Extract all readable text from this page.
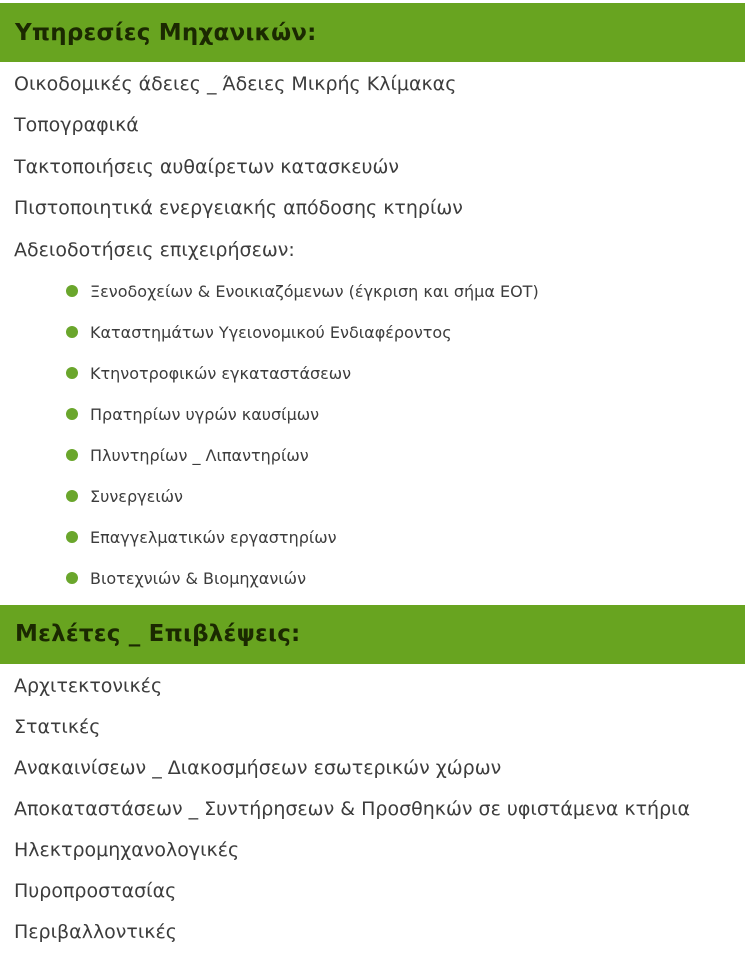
Υπηρεσίες Μηχανικών:
Οικοδομικές άδειες _ Άδειες Μικρής Κλίμακας
Τοπογραφικά
Τακτοποιήσεις αυθαίρετων κατασκευών
Πιστοποιητικά ενεργειακής απόδοσης κτηρίων
Αδειοδοτήσεις επιχειρήσεων:
Ξενοδοχείων & Ενοικιαζόμενων (έγκριση και σήμα ΕΟΤ)
Καταστημάτων Υγειονομικού Ενδιαφέροντος
Κτηνοτροφικών εγκαταστάσεων
Πρατηρίων υγρών καυσίμων
Πλυντηρίων _ Λιπαντηρίων
Συνεργειών
Επαγγελματικών εργαστηρίων
Βιοτεχνιών & Βιομηχανιών
Μελέτες _ Επιβλέψεις:
Αρχιτεκτονικές
Στατικές
Ανακαινίσεων _ Διακοσμήσεων εσωτερικών χώρων
Αποκαταστάσεων _ Συντήρησεων & Προσθηκών σε υφιστάμενα κτήρια
Ηλεκτρομηχανολογικές
Πυροπροστασίας
Περιβαλλοντικές
